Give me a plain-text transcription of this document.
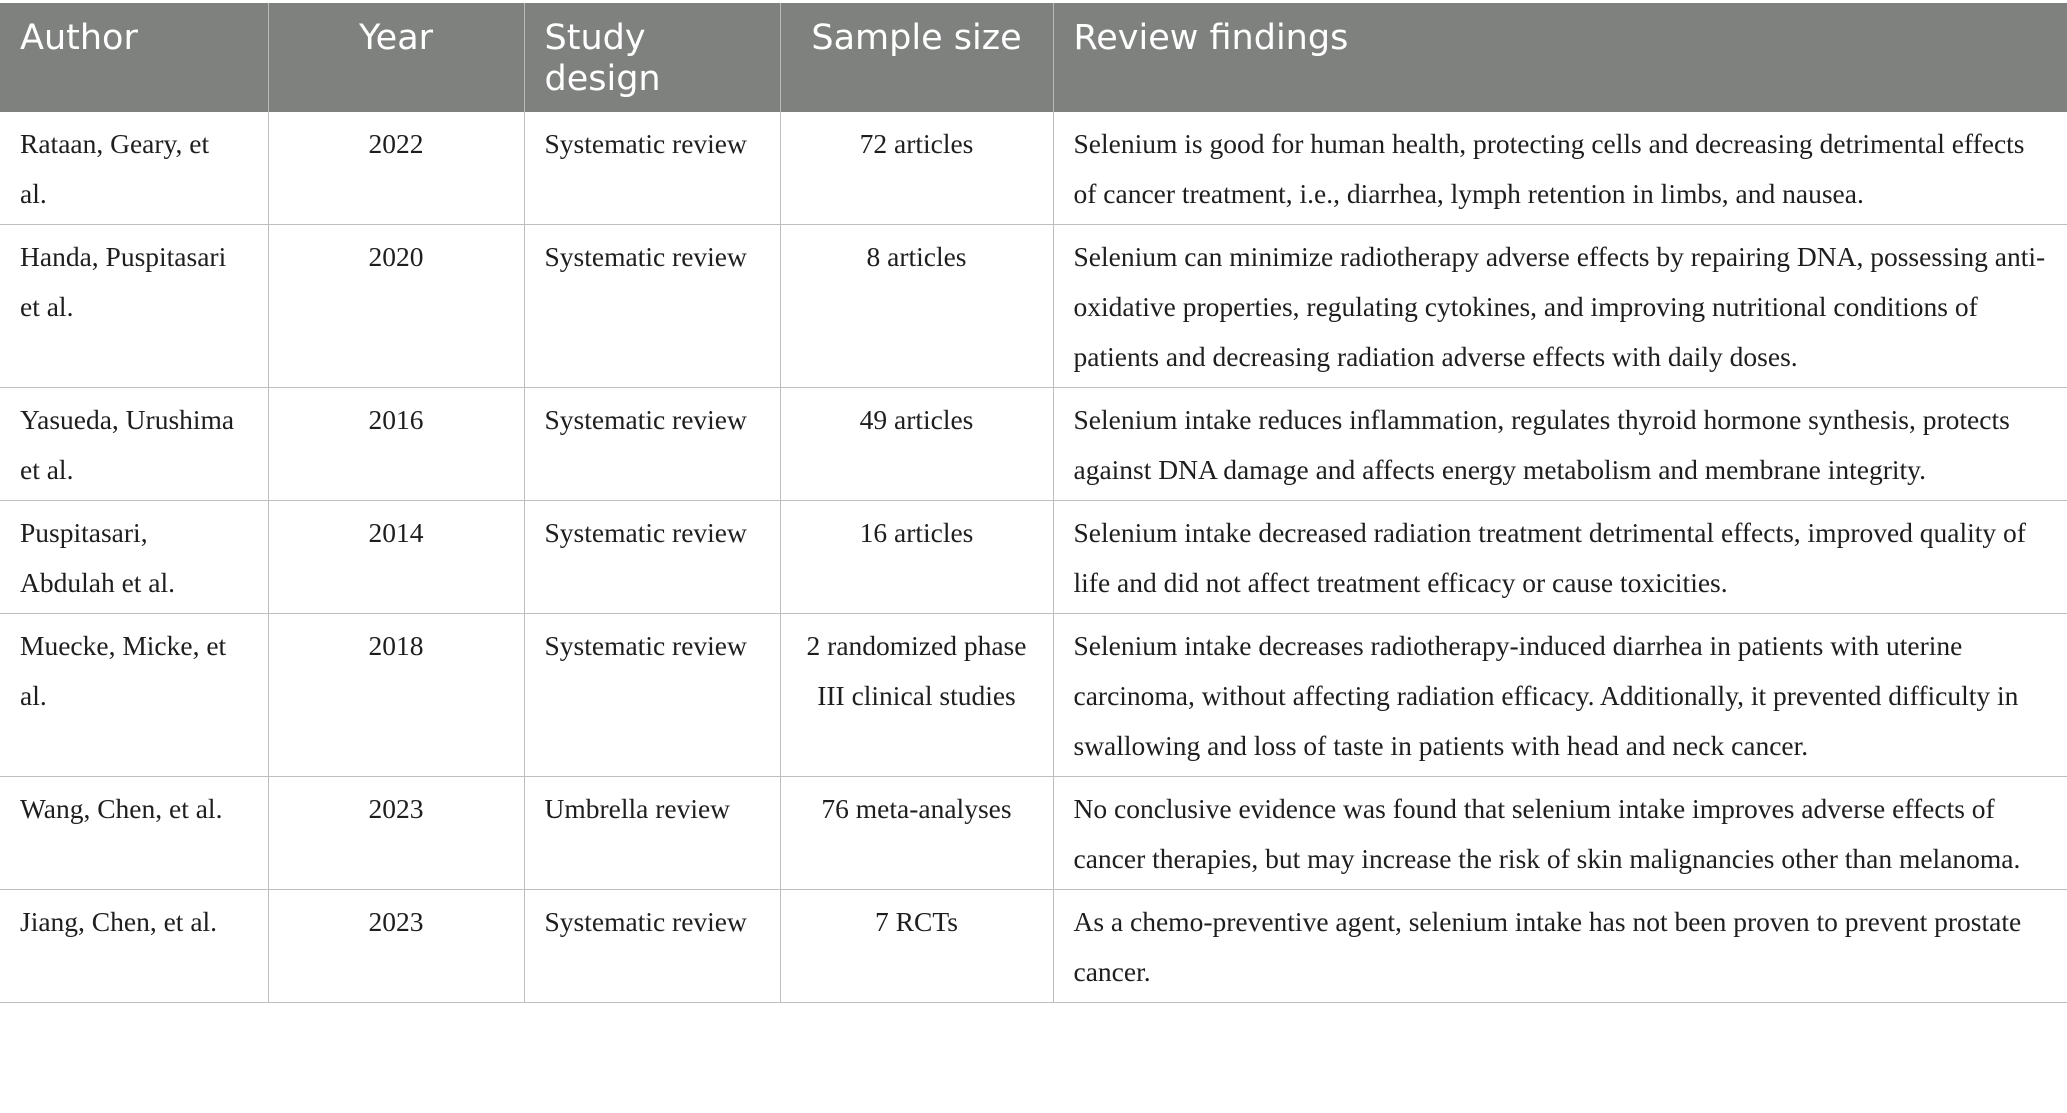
Author	Year	Study design	Sample size	Review findings
Rataan, Geary, et al.	2022	Systematic review	72 articles	Selenium is good for human health, protecting cells and decreasing detrimental effects of cancer treatment, i.e., diarrhea, lymph retention in limbs, and nausea.
Handa, Puspitasari et al.	2020	Systematic review	8 articles	Selenium can minimize radiotherapy adverse effects by repairing DNA, possessing anti-oxidative properties, regulating cytokines, and improving nutritional conditions of patients and decreasing radiation adverse effects with daily doses.
Yasueda, Urushima et al.	2016	Systematic review	49 articles	Selenium intake reduces inflammation, regulates thyroid hormone synthesis, protects against DNA damage and affects energy metabolism and membrane integrity.
Puspitasari, Abdulah et al.	2014	Systematic review	16 articles	Selenium intake decreased radiation treatment detrimental effects, improved quality of life and did not affect treatment efficacy or cause toxicities.
Muecke, Micke, et al.	2018	Systematic review	2 randomized phase III clinical studies	Selenium intake decreases radiotherapy-induced diarrhea in patients with uterine carcinoma, without affecting radiation efficacy. Additionally, it prevented difficulty in swallowing and loss of taste in patients with head and neck cancer.
Wang, Chen, et al.	2023	Umbrella review	76 meta-analyses	No conclusive evidence was found that selenium intake improves adverse effects of cancer therapies, but may increase the risk of skin malignancies other than melanoma.
Jiang, Chen, et al.	2023	Systematic review	7 RCTs	As a chemo-preventive agent, selenium intake has not been proven to prevent prostate cancer.
